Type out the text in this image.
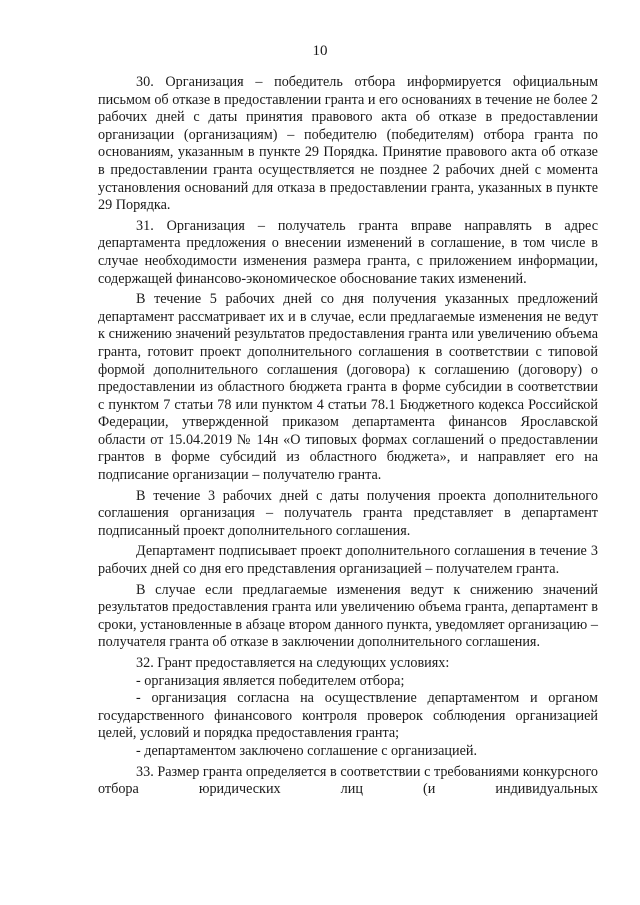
10

30. Организация – победитель отбора информируется официальным письмом об отказе в предоставлении гранта и его основаниях в течение не более 2 рабочих дней с даты принятия правового акта об отказе в предоставлении организации (организациям) – победителю (победителям) отбора гранта по основаниям, указанным в пункте 29 Порядка. Принятие правового акта об отказе в предоставлении гранта осуществляется не позднее 2 рабочих дней с момента установления оснований для отказа в предоставлении гранта, указанных в пункте 29 Порядка.

31. Организация – получатель гранта вправе направлять в адрес департамента предложения о внесении изменений в соглашение, в том числе в случае необходимости изменения размера гранта, с приложением информации, содержащей финансово-экономическое обоснование таких изменений.

В течение 5 рабочих дней со дня получения указанных предложений департамент рассматривает их и в случае, если предлагаемые изменения не ведут к снижению значений результатов предоставления гранта или увеличению объема гранта, готовит проект дополнительного соглашения в соответствии с типовой формой дополнительного соглашения (договора) к соглашению (договору) о предоставлении из областного бюджета гранта в форме субсидии в соответствии с пунктом 7 статьи 78 или пунктом 4 статьи 78.1 Бюджетного кодекса Российской Федерации, утвержденной приказом департамента финансов Ярославской области от 15.04.2019 № 14н «О типовых формах соглашений о предоставлении грантов в форме субсидий из областного бюджета», и направляет его на подписание организации – получателю гранта.

В течение 3 рабочих дней с даты получения проекта дополнительного соглашения организация – получатель гранта представляет в департамент подписанный проект дополнительного соглашения.

Департамент подписывает проект дополнительного соглашения в течение 3 рабочих дней со дня его представления организацией – получателем гранта.

В случае если предлагаемые изменения ведут к снижению значений результатов предоставления гранта или увеличению объема гранта, департамент в сроки, установленные в абзаце втором данного пункта, уведомляет организацию – получателя гранта об отказе в заключении дополнительного соглашения.

32. Грант предоставляется на следующих условиях:

- организация является победителем отбора;

- организация согласна на осуществление департаментом и органом государственного финансового контроля проверок соблюдения организацией целей, условий и порядка предоставления гранта;

- департаментом заключено соглашение с организацией.

33. Размер гранта определяется в соответствии с требованиями конкурсного отбора юридических лиц (и индивидуальных
